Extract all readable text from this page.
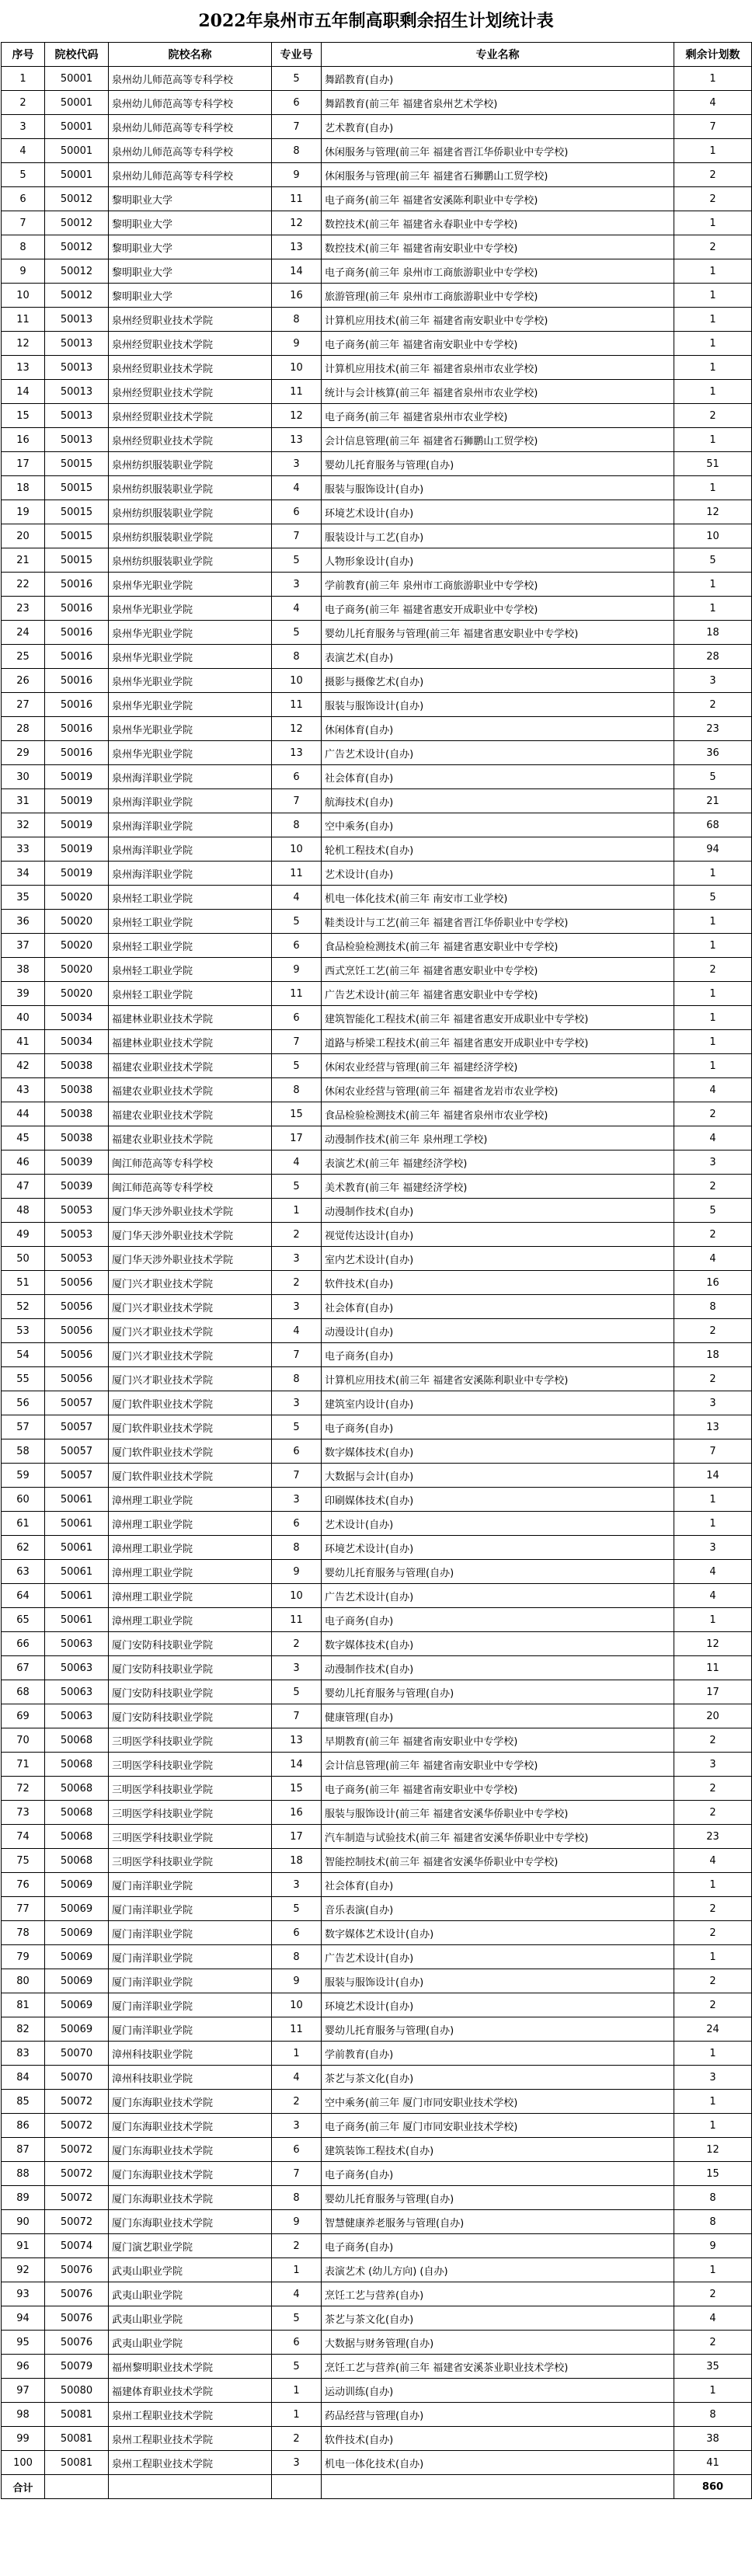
2022年泉州市五年制高职剩余招生计划统计表
序号	院校代码	院校名称	专业号	专业名称	剩余计划数
1	50001	泉州幼儿师范高等专科学校	5	舞蹈教育(自办)	1
2	50001	泉州幼儿师范高等专科学校	6	舞蹈教育(前三年 福建省泉州艺术学校)	4
3	50001	泉州幼儿师范高等专科学校	7	艺术教育(自办)	7
4	50001	泉州幼儿师范高等专科学校	8	休闲服务与管理(前三年 福建省晋江华侨职业中专学校)	1
5	50001	泉州幼儿师范高等专科学校	9	休闲服务与管理(前三年 福建省石狮鹏山工贸学校)	2
6	50012	黎明职业大学	11	电子商务(前三年 福建省安溪陈利职业中专学校)	2
7	50012	黎明职业大学	12	数控技术(前三年 福建省永春职业中专学校)	1
8	50012	黎明职业大学	13	数控技术(前三年 福建省南安职业中专学校)	2
9	50012	黎明职业大学	14	电子商务(前三年 泉州市工商旅游职业中专学校)	1
10	50012	黎明职业大学	16	旅游管理(前三年 泉州市工商旅游职业中专学校)	1
11	50013	泉州经贸职业技术学院	8	计算机应用技术(前三年 福建省南安职业中专学校)	1
12	50013	泉州经贸职业技术学院	9	电子商务(前三年 福建省南安职业中专学校)	1
13	50013	泉州经贸职业技术学院	10	计算机应用技术(前三年 福建省泉州市农业学校)	1
14	50013	泉州经贸职业技术学院	11	统计与会计核算(前三年 福建省泉州市农业学校)	1
15	50013	泉州经贸职业技术学院	12	电子商务(前三年 福建省泉州市农业学校)	2
16	50013	泉州经贸职业技术学院	13	会计信息管理(前三年 福建省石狮鹏山工贸学校)	1
17	50015	泉州纺织服装职业学院	3	婴幼儿托育服务与管理(自办)	51
18	50015	泉州纺织服装职业学院	4	服装与服饰设计(自办)	1
19	50015	泉州纺织服装职业学院	6	环境艺术设计(自办)	12
20	50015	泉州纺织服装职业学院	7	服装设计与工艺(自办)	10
21	50015	泉州纺织服装职业学院	5	人物形象设计(自办)	5
22	50016	泉州华光职业学院	3	学前教育(前三年 泉州市工商旅游职业中专学校)	1
23	50016	泉州华光职业学院	4	电子商务(前三年 福建省惠安开成职业中专学校)	1
24	50016	泉州华光职业学院	5	婴幼儿托育服务与管理(前三年 福建省惠安职业中专学校)	18
25	50016	泉州华光职业学院	8	表演艺术(自办)	28
26	50016	泉州华光职业学院	10	摄影与摄像艺术(自办)	3
27	50016	泉州华光职业学院	11	服装与服饰设计(自办)	2
28	50016	泉州华光职业学院	12	休闲体育(自办)	23
29	50016	泉州华光职业学院	13	广告艺术设计(自办)	36
30	50019	泉州海洋职业学院	6	社会体育(自办)	5
31	50019	泉州海洋职业学院	7	航海技术(自办)	21
32	50019	泉州海洋职业学院	8	空中乘务(自办)	68
33	50019	泉州海洋职业学院	10	轮机工程技术(自办)	94
34	50019	泉州海洋职业学院	11	艺术设计(自办)	1
35	50020	泉州轻工职业学院	4	机电一体化技术(前三年 南安市工业学校)	5
36	50020	泉州轻工职业学院	5	鞋类设计与工艺(前三年 福建省晋江华侨职业中专学校)	1
37	50020	泉州轻工职业学院	6	食品检验检测技术(前三年 福建省惠安职业中专学校)	1
38	50020	泉州轻工职业学院	9	西式烹饪工艺(前三年 福建省惠安职业中专学校)	2
39	50020	泉州轻工职业学院	11	广告艺术设计(前三年 福建省惠安职业中专学校)	1
40	50034	福建林业职业技术学院	6	建筑智能化工程技术(前三年 福建省惠安开成职业中专学校)	1
41	50034	福建林业职业技术学院	7	道路与桥梁工程技术(前三年 福建省惠安开成职业中专学校)	1
42	50038	福建农业职业技术学院	5	休闲农业经营与管理(前三年 福建经济学校)	1
43	50038	福建农业职业技术学院	8	休闲农业经营与管理(前三年 福建省龙岩市农业学校)	4
44	50038	福建农业职业技术学院	15	食品检验检测技术(前三年 福建省泉州市农业学校)	2
45	50038	福建农业职业技术学院	17	动漫制作技术(前三年 泉州理工学校)	4
46	50039	闽江师范高等专科学校	4	表演艺术(前三年 福建经济学校)	3
47	50039	闽江师范高等专科学校	5	美术教育(前三年 福建经济学校)	2
48	50053	厦门华天涉外职业技术学院	1	动漫制作技术(自办)	5
49	50053	厦门华天涉外职业技术学院	2	视觉传达设计(自办)	2
50	50053	厦门华天涉外职业技术学院	3	室内艺术设计(自办)	4
51	50056	厦门兴才职业技术学院	2	软件技术(自办)	16
52	50056	厦门兴才职业技术学院	3	社会体育(自办)	8
53	50056	厦门兴才职业技术学院	4	动漫设计(自办)	2
54	50056	厦门兴才职业技术学院	7	电子商务(自办)	18
55	50056	厦门兴才职业技术学院	8	计算机应用技术(前三年 福建省安溪陈利职业中专学校)	2
56	50057	厦门软件职业技术学院	3	建筑室内设计(自办)	3
57	50057	厦门软件职业技术学院	5	电子商务(自办)	13
58	50057	厦门软件职业技术学院	6	数字媒体技术(自办)	7
59	50057	厦门软件职业技术学院	7	大数据与会计(自办)	14
60	50061	漳州理工职业学院	3	印刷媒体技术(自办)	1
61	50061	漳州理工职业学院	6	艺术设计(自办)	1
62	50061	漳州理工职业学院	8	环境艺术设计(自办)	3
63	50061	漳州理工职业学院	9	婴幼儿托育服务与管理(自办)	4
64	50061	漳州理工职业学院	10	广告艺术设计(自办)	4
65	50061	漳州理工职业学院	11	电子商务(自办)	1
66	50063	厦门安防科技职业学院	2	数字媒体技术(自办)	12
67	50063	厦门安防科技职业学院	3	动漫制作技术(自办)	11
68	50063	厦门安防科技职业学院	5	婴幼儿托育服务与管理(自办)	17
69	50063	厦门安防科技职业学院	7	健康管理(自办)	20
70	50068	三明医学科技职业学院	13	早期教育(前三年 福建省南安职业中专学校)	2
71	50068	三明医学科技职业学院	14	会计信息管理(前三年 福建省南安职业中专学校)	3
72	50068	三明医学科技职业学院	15	电子商务(前三年 福建省南安职业中专学校)	2
73	50068	三明医学科技职业学院	16	服装与服饰设计(前三年 福建省安溪华侨职业中专学校)	2
74	50068	三明医学科技职业学院	17	汽车制造与试验技术(前三年 福建省安溪华侨职业中专学校)	23
75	50068	三明医学科技职业学院	18	智能控制技术(前三年 福建省安溪华侨职业中专学校)	4
76	50069	厦门南洋职业学院	3	社会体育(自办)	1
77	50069	厦门南洋职业学院	5	音乐表演(自办)	2
78	50069	厦门南洋职业学院	6	数字媒体艺术设计(自办)	2
79	50069	厦门南洋职业学院	8	广告艺术设计(自办)	1
80	50069	厦门南洋职业学院	9	服装与服饰设计(自办)	2
81	50069	厦门南洋职业学院	10	环境艺术设计(自办)	2
82	50069	厦门南洋职业学院	11	婴幼儿托育服务与管理(自办)	24
83	50070	漳州科技职业学院	1	学前教育(自办)	1
84	50070	漳州科技职业学院	4	茶艺与茶文化(自办)	3
85	50072	厦门东海职业技术学院	2	空中乘务(前三年 厦门市同安职业技术学校)	1
86	50072	厦门东海职业技术学院	3	电子商务(前三年 厦门市同安职业技术学校)	1
87	50072	厦门东海职业技术学院	6	建筑装饰工程技术(自办)	12
88	50072	厦门东海职业技术学院	7	电子商务(自办)	15
89	50072	厦门东海职业技术学院	8	婴幼儿托育服务与管理(自办)	8
90	50072	厦门东海职业技术学院	9	智慧健康养老服务与管理(自办)	8
91	50074	厦门演艺职业学院	2	电子商务(自办)	9
92	50076	武夷山职业学院	1	表演艺术 (幼儿方向) (自办)	1
93	50076	武夷山职业学院	4	烹饪工艺与营养(自办)	2
94	50076	武夷山职业学院	5	茶艺与茶文化(自办)	4
95	50076	武夷山职业学院	6	大数据与财务管理(自办)	2
96	50079	福州黎明职业技术学院	5	烹饪工艺与营养(前三年 福建省安溪茶业职业技术学校)	35
97	50080	福建体育职业技术学院	1	运动训练(自办)	1
98	50081	泉州工程职业技术学院	1	药品经营与管理(自办)	8
99	50081	泉州工程职业技术学院	2	软件技术(自办)	38
100	50081	泉州工程职业技术学院	3	机电一体化技术(自办)	41
合计					860
